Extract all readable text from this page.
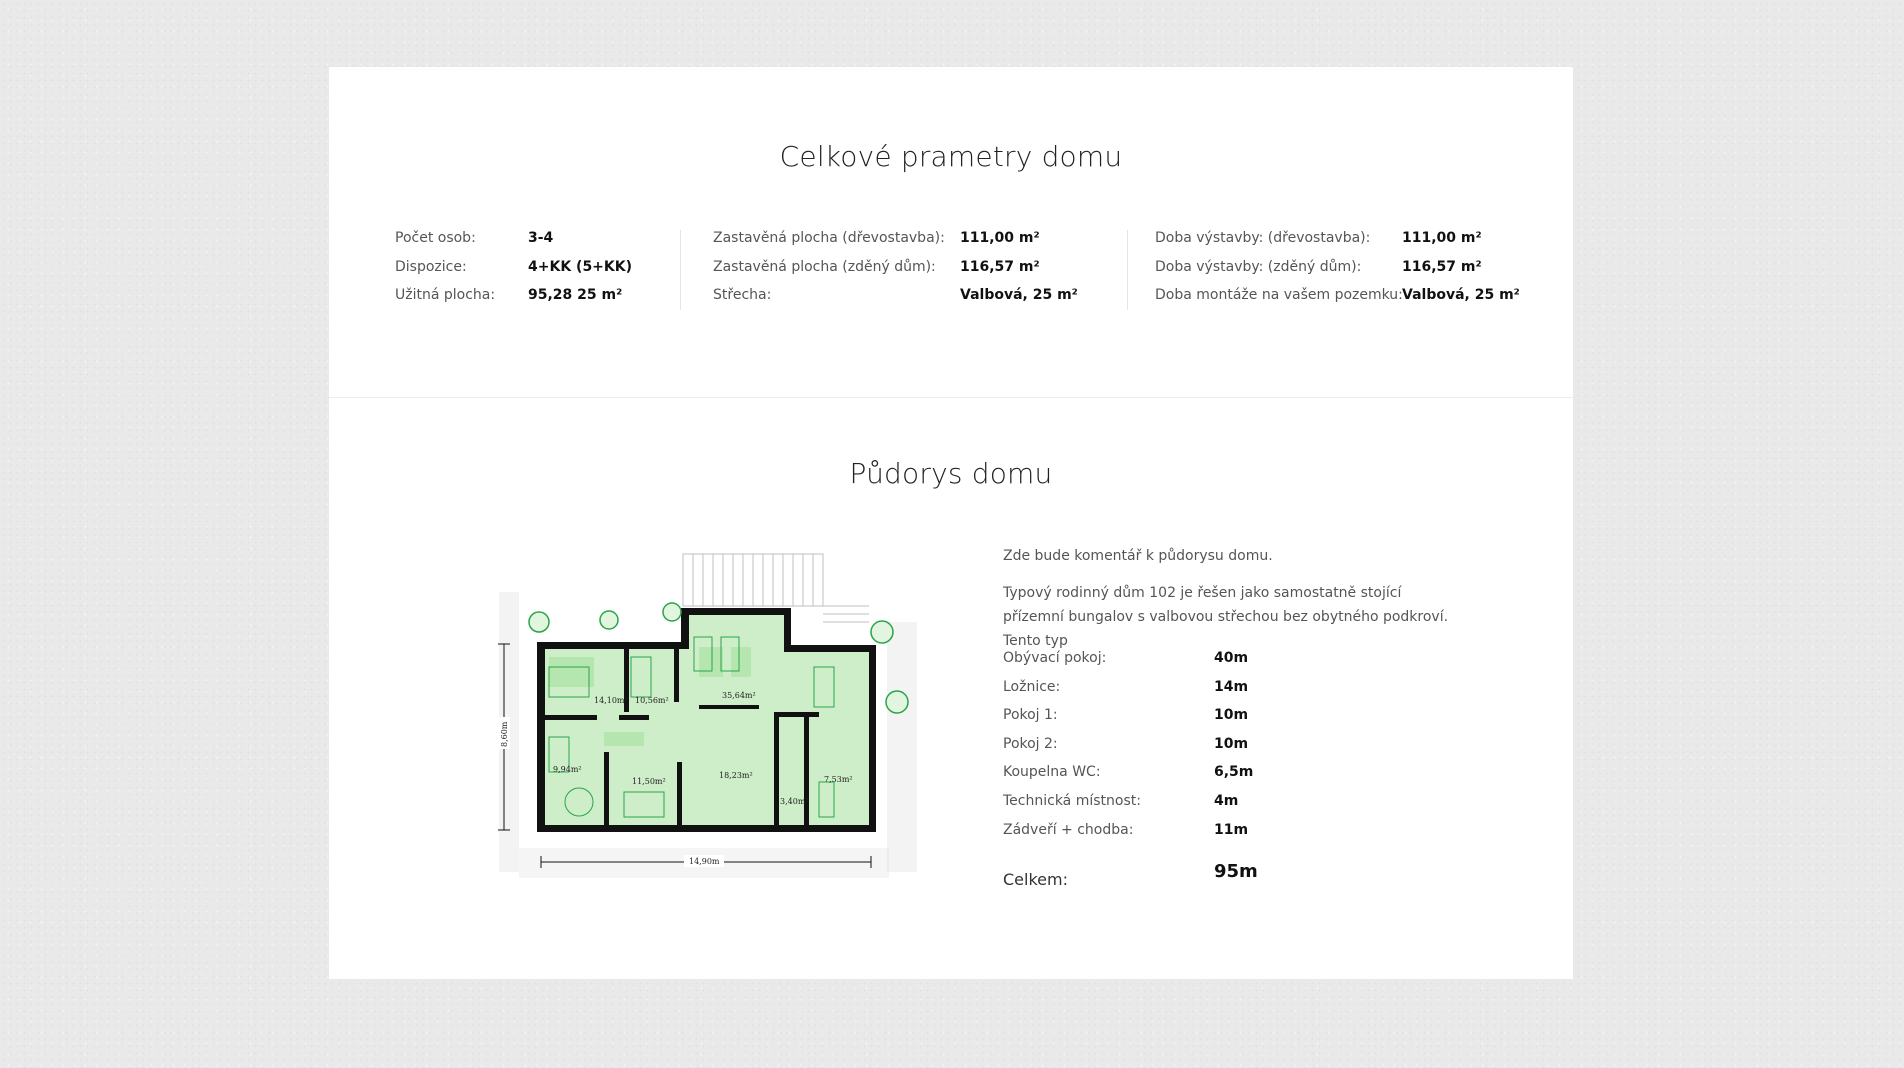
Celkové prametry domu
Počet osob:	3-4
Dispozice:	4+KK (5+KK)
Užitná plocha: 95,28 25 m²
Zastavěná plocha (dřevostavba): 111,00 m²
Zastavěná plocha (zděný dům): 116,57 m²
Střecha:	Valbová, 25 m²
Doba výstavby: (dřevostavba): 111,00 m²
Doba výstavby: (zděný dům):	116,57 m²
Doba montáže na vašem pozemku: Valbová, 25 m²
Půdorys domu
14,10m² 10,56m²
35,64m²
9,94m²
11,50m²
18,23m²	7,53m²
3,40m²
14,90m
8,60m

Zde bude komentář k půdorysu domu.

Typový rodinný dům 102 je řešen jako samostatně stojící přízemní bungalov s valbovou střechou bez obytného podkroví. Tento typ

Obývací pokoj:	40m
Ložnice:	14m
Pokoj 1:	10m
Pokoj 2:	10m
Koupelna WC:	6,5m
Technická místnost:	4m
Zádveří + chodba:	11m
Celkem:	95m
